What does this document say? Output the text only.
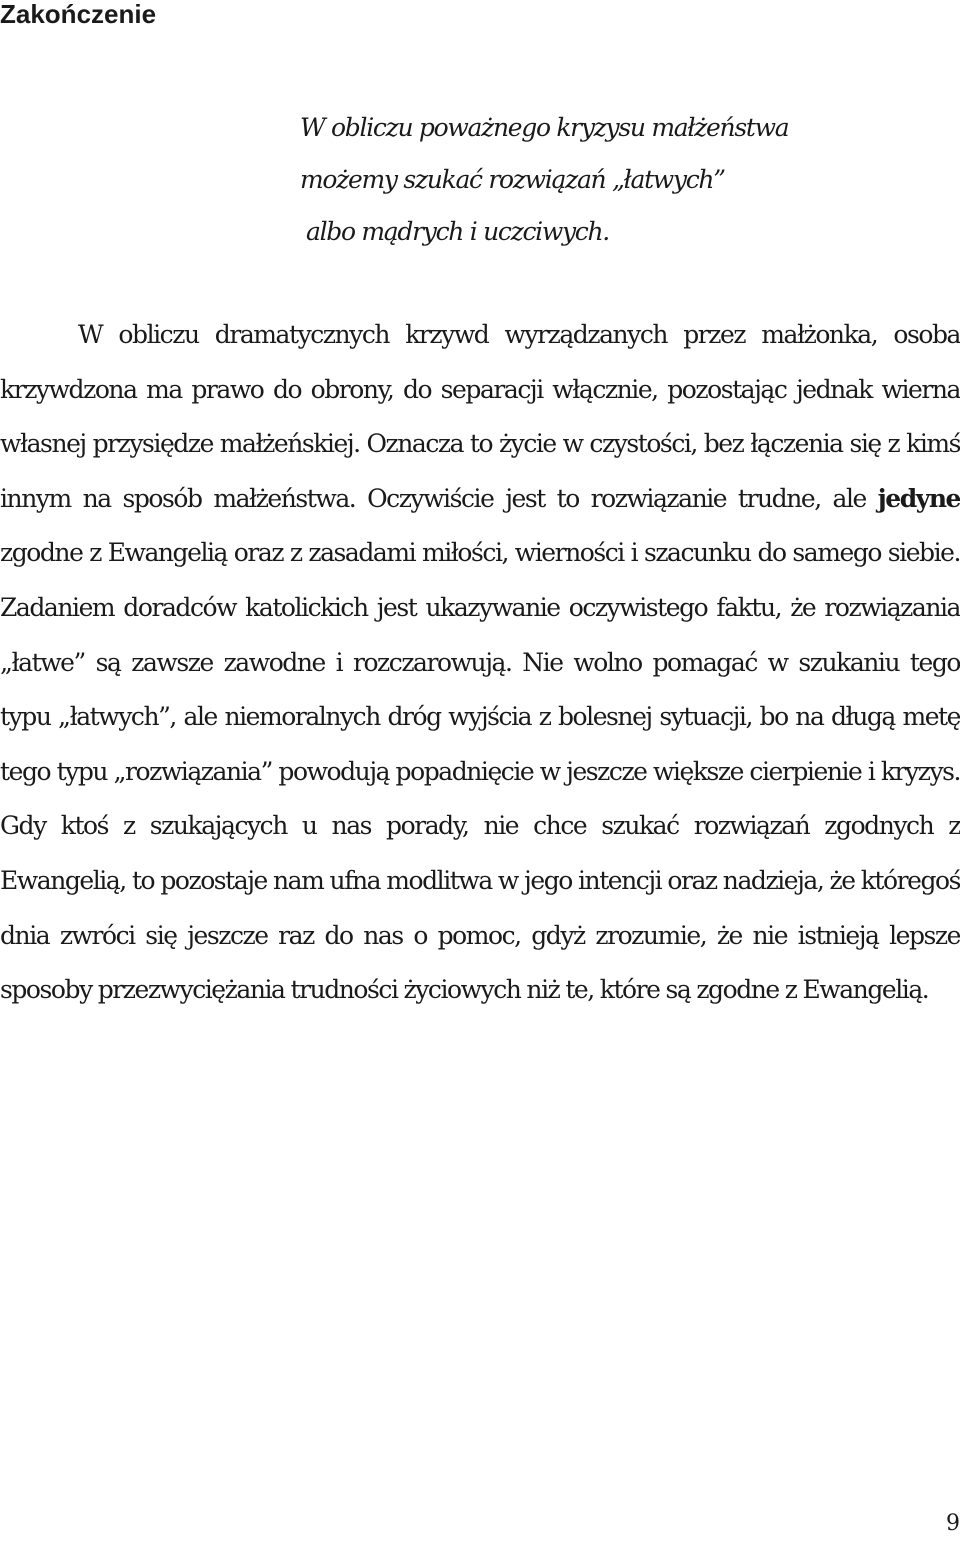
Zakończenie
W obliczu poważnego kryzysu małżeństwa
możemy szukać rozwiązań „łatwych”
albo mądrych i uczciwych.

W obliczu dramatycznych krzywd wyrządzanych przez małżonka, osoba krzywdzona ma prawo do obrony, do separacji włącznie, pozostając jednak wierna własnej przysiędze małżeńskiej. Oznacza to życie w czystości, bez łączenia się z kimś innym na sposób małżeństwa. Oczywiście jest to rozwiązanie trudne, ale jedyne zgodne z Ewangelią oraz z zasadami miłości, wierności i szacunku do samego siebie. Zadaniem doradców katolickich jest ukazywanie oczywistego faktu, że rozwiązania „łatwe” są zawsze zawodne i rozczarowują. Nie wolno pomagać w szukaniu tego typu „łatwych”, ale niemoralnych dróg wyjścia z bolesnej sytuacji, bo na długą metę tego typu „rozwiązania” powodują popadnięcie w jeszcze większe cierpienie i kryzys. Gdy ktoś z szukających u nas porady, nie chce szukać rozwiązań zgodnych z Ewangelią, to pozostaje nam ufna modlitwa w jego intencji oraz nadzieja, że któregoś dnia zwróci się jeszcze raz do nas o pomoc, gdyż zrozumie, że nie istnieją lepsze sposoby przezwyciężania trudności życiowych niż te, które są zgodne z Ewangelią.

9
